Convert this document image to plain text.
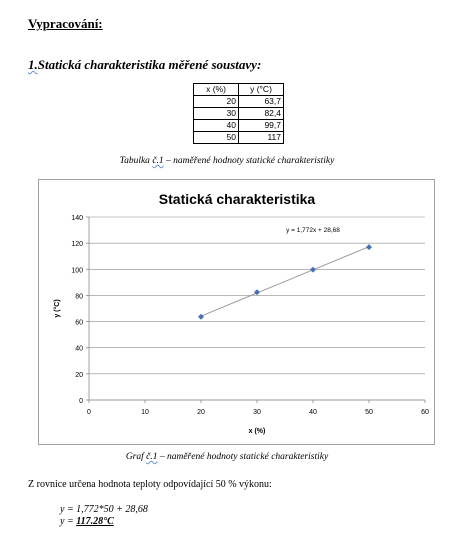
Vypracování:
1.Statická charakteristika měřené soustavy:
x (%)	y (°C)
20	63,7
30	82,4
40	99,7
50	117
Tabulka č.1 – naměřené hodnoty statické charakteristiky
Statická charakteristika
0
20
40
60
80
100
120
140
0	10	20	30	40	50	60
x (%)
y (°C)
y = 1,772x + 28,68
Graf č.1 – naměřené hodnoty statické charakteristiky
Z rovnice určena hodnota teploty odpovídající 50 % výkonu:
y = 1,772*50 + 28,68
y = 117.28°C
